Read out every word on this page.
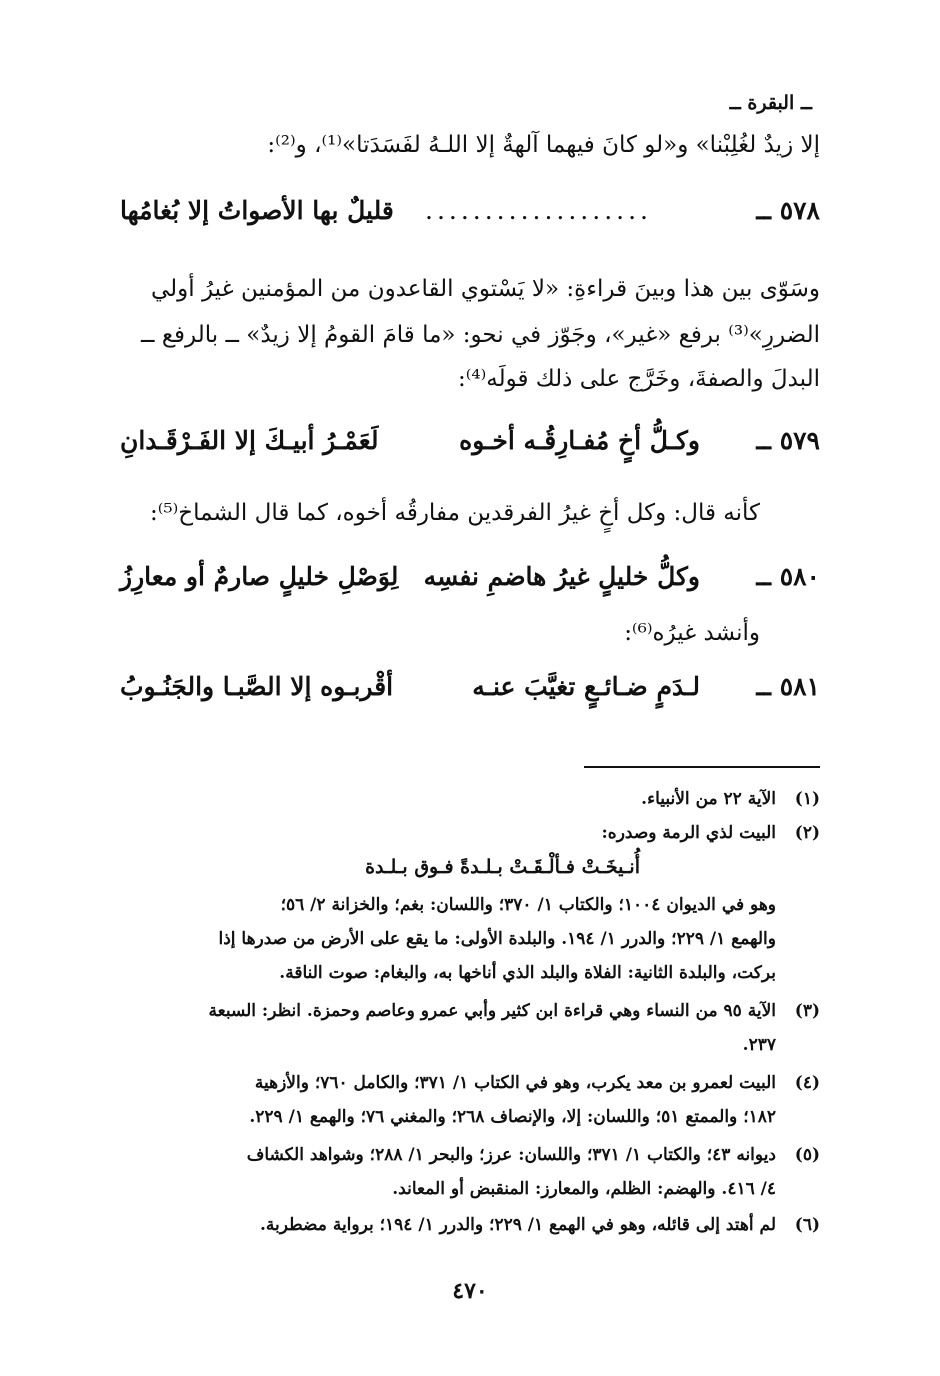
ــ البقرة ــ
إلا زيدٌ لغُلِبْنا» و«لو كانَ فيهما آلهةٌ إلا اللـهُ لفَسَدَتا»⁽¹⁾، و⁽²⁾:
٥٧٨ ــ
...................
قليلٌ بها الأصواتُ إلا بُغامُها
وسَوّى بين هذا وبينَ قراءةِ: «لا يَسْتوي القاعدون من المؤمنين غيرُ أولي
الضررِ»⁽³⁾ برفع «غير»، وجَوّز في نحو: «ما قامَ القومُ إلا زيدٌ» ــ بالرفع ــ
البدلَ والصفةَ، وخَرَّج على ذلك قولَه⁽⁴⁾:
٥٧٩ ــ
وكـلُّ أخٍ مُفـارِقُـه أخـوه
لَعَمْـرُ أبيـكَ إلا الفَـرْقَـدانِ
كأنه قال: وكل أخٍ غيرُ الفرقدين مفارقُه أخوه، كما قال الشماخ⁽⁵⁾:
٥٨٠ ــ
وكلُّ خليلٍ غيرُ هاضمِ نفسِه
لِوَصْلِ خليلٍ صارمٌ أو معارِزُ
وأنشد غيرُه⁽⁶⁾:
٥٨١ ــ
لـدَمٍ ضـائـعٍ تغيَّبَ عنـه
أقْربـوه إلا الصَّبـا والجَنُـوبُ
(١)
الآية ٢٢ من الأنبياء.
(٢)
البيت لذي الرمة وصدره:
أُنـيخَـتْ فـألْـقَـتْ بـلـدةً فـوق بـلـدة
وهو في الديوان ١٠٠٤؛ والكتاب ١/ ٣٧٠؛ واللسان: بغم؛ والخزانة ٢/ ٥٦؛
والهمع ١/ ٢٢٩؛ والدرر ١/ ١٩٤. والبلدة الأولى: ما يقع على الأرض من صدرها إذا
بركت، والبلدة الثانية: الفلاة والبلد الذي أناخها به، والبغام: صوت الناقة.
(٣)
الآية ٩٥ من النساء وهي قراءة ابن كثير وأبي عمرو وعاصم وحمزة. انظر: السبعة
٢٣٧.
(٤)
البيت لعمرو بن معد يكرب، وهو في الكتاب ١/ ٣٧١؛ والكامل ٧٦٠؛ والأزهية
١٨٢؛ والممتع ٥١؛ واللسان: إلا، والإنصاف ٢٦٨؛ والمغني ٧٦؛ والهمع ١/ ٢٢٩.
(٥)
ديوانه ٤٣؛ والكتاب ١/ ٣٧١؛ واللسان: عرز؛ والبحر ١/ ٢٨٨؛ وشواهد الكشاف
٤/ ٤١٦. والهضم: الظلم، والمعارز: المنقبض أو المعاند.
(٦)
لم أهتد إلى قائله، وهو في الهمع ١/ ٢٢٩؛ والدرر ١/ ١٩٤؛ برواية مضطربة.
٤٧٠
